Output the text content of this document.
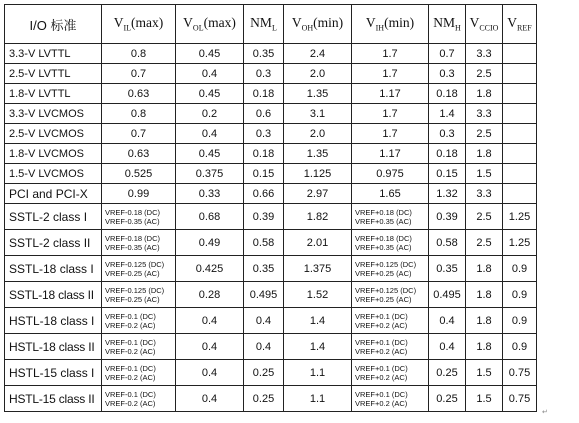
I/O 标准	$V_{IL}(\max)$	$V_{OL}(\max)$	$NM_L$	$V_{OH}(\min)$	$V_{IH}(\min)$	$NM_H$	$V_{CCIO}$	$V_{REF}$
3.3-V LVTTL	0.8	0.45	0.35	2.4	1.7	0.7	3.3	
2.5-V LVTTL	0.7	0.4	0.3	2.0	1.7	0.3	2.5	
1.8-V LVTTL	0.63	0.45	0.18	1.35	1.17	0.18	1.8	
3.3-V LVCMOS	0.8	0.2	0.6	3.1	1.7	1.4	3.3	
2.5-V LVCMOS	0.7	0.4	0.3	2.0	1.7	0.3	2.5	
1.8-V LVCMOS	0.63	0.45	0.18	1.35	1.17	0.18	1.8	
1.5-V LVCMOS	0.525	0.375	0.15	1.125	0.975	0.15	1.5	
PCI and PCI-X	0.99	0.33	0.66	2.97	1.65	1.32	3.3	
SSTL-2 class I	VREF-0.18 (DC)
VREF-0.35 (AC)	0.68	0.39	1.82	VREF+0.18 (DC)
VREF+0.35 (AC)	0.39	2.5	1.25
SSTL-2 class II	VREF-0.18 (DC)
VREF-0.35 (AC)	0.49	0.58	2.01	VREF+0.18 (DC)
VREF+0.35 (AC)	0.58	2.5	1.25
SSTL-18 class I	VREF-0.125 (DC)
VREF-0.25 (AC)	0.425	0.35	1.375	VREF+0.125 (DC)
VREF+0.25 (AC)	0.35	1.8	0.9
SSTL-18 class II	VREF-0.125 (DC)
VREF-0.25 (AC)	0.28	0.495	1.52	VREF+0.125 (DC)
VREF+0.25 (AC)	0.495	1.8	0.9
HSTL-18 class I	VREF-0.1 (DC)
VREF-0.2 (AC)	0.4	0.4	1.4	VREF+0.1 (DC)
VREF+0.2 (AC)	0.4	1.8	0.9
HSTL-18 class II	VREF-0.1 (DC)
VREF-0.2 (AC)	0.4	0.4	1.4	VREF+0.1 (DC)
VREF+0.2 (AC)	0.4	1.8	0.9
HSTL-15 class I	VREF-0.1 (DC)
VREF-0.2 (AC)	0.4	0.25	1.1	VREF+0.1 (DC)
VREF+0.2 (AC)	0.25	1.5	0.75
HSTL-15 class II	VREF-0.1 (DC)
VREF-0.2 (AC)	0.4	0.25	1.1	VREF+0.1 (DC)
VREF+0.2 (AC)	0.25	1.5	0.75
↵
